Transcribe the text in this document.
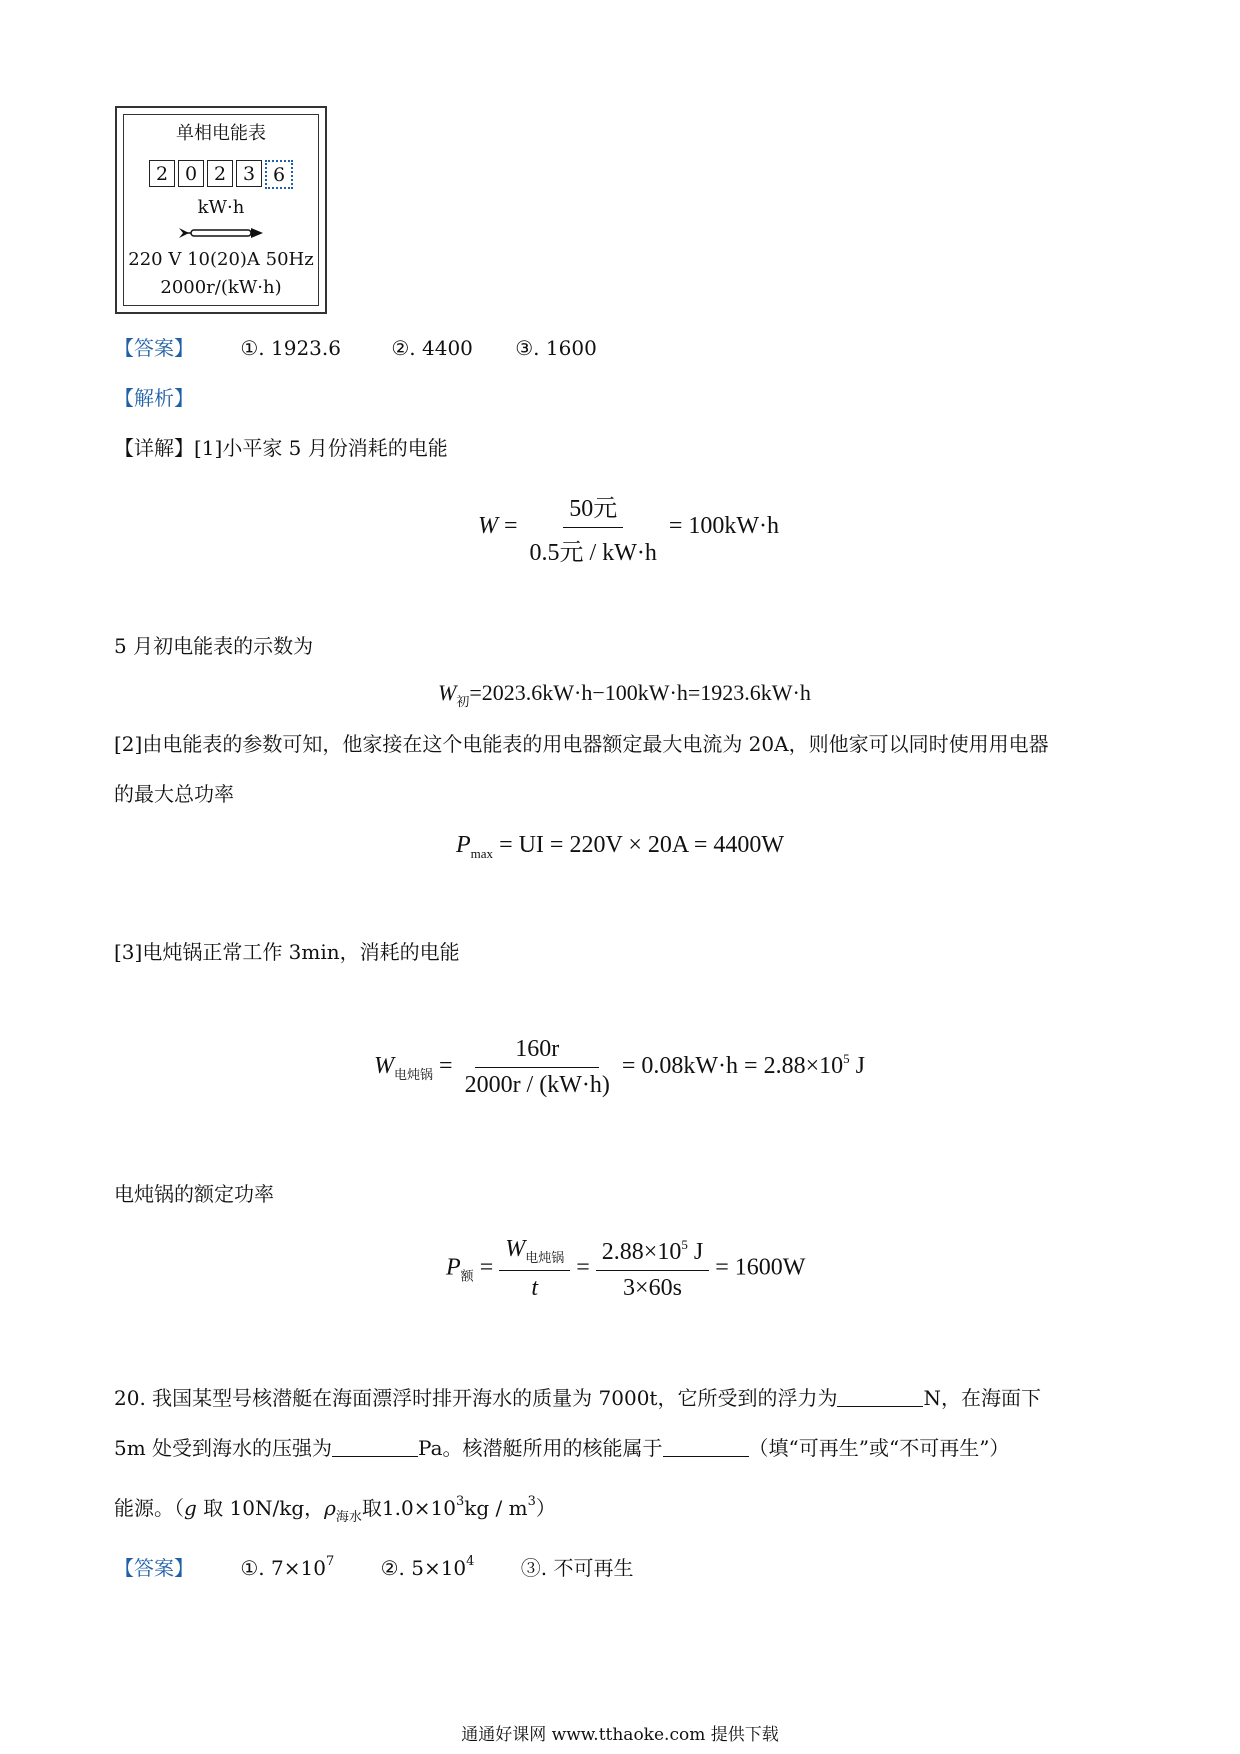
单相电能表
2 0 2 3 6
kW·h
220 V 10(20)A 50Hz
2000r/(kW·h)
【答案】 ①. 1923.6	②. 4400 ③. 1600
【解析】
【详解】[1]小平家 5 月份消耗的电能
$W = \frac{\text{50元}}{\text{0.5元 / kW·h}} = 100kW\cdot h$
5 月初电能表的示数为
$W_初=2023.6kW\cdot h-100kW\cdot h=1923.6kW\cdot h$
[2]由电能表的参数可知，他家接在这个电能表的用电器额定最大电流为 20A，则他家可以同时使用用电器
的最大总功率
$P_{max}$ = UI = 220V × 20A = 4400W
[3]电炖锅正常工作 3min，消耗的电能
$W_{电炖锅} = \frac{160r}{2000r / (kW\cdot h)} = 0.08kW\cdot h = 2.88\times 10^5$ J
电炖锅的额定功率
$P_额 = \frac{W_{电炖锅}}{t} = \frac{2.88\times 10^5 J}{3\times 60s} = 1600W$
20. 我国某型号核潜艇在海面漂浮时排开海水的质量为 7000t，它所受到的浮力为	N，在海面下
5m 处受到海水的压强为	Pa。核潜艇所用的核能属于	（填“可再生”或“不可再生”）
能源。（g 取 10N/kg，$\rho_{海水}$取$1.0\times 10^3kg / m^3$）
【答案】 ①. $7\times 10^7$ ②. $5\times 10^4$ ③. 不可再生
通通好课网 www.tthaoke.com 提供下载
